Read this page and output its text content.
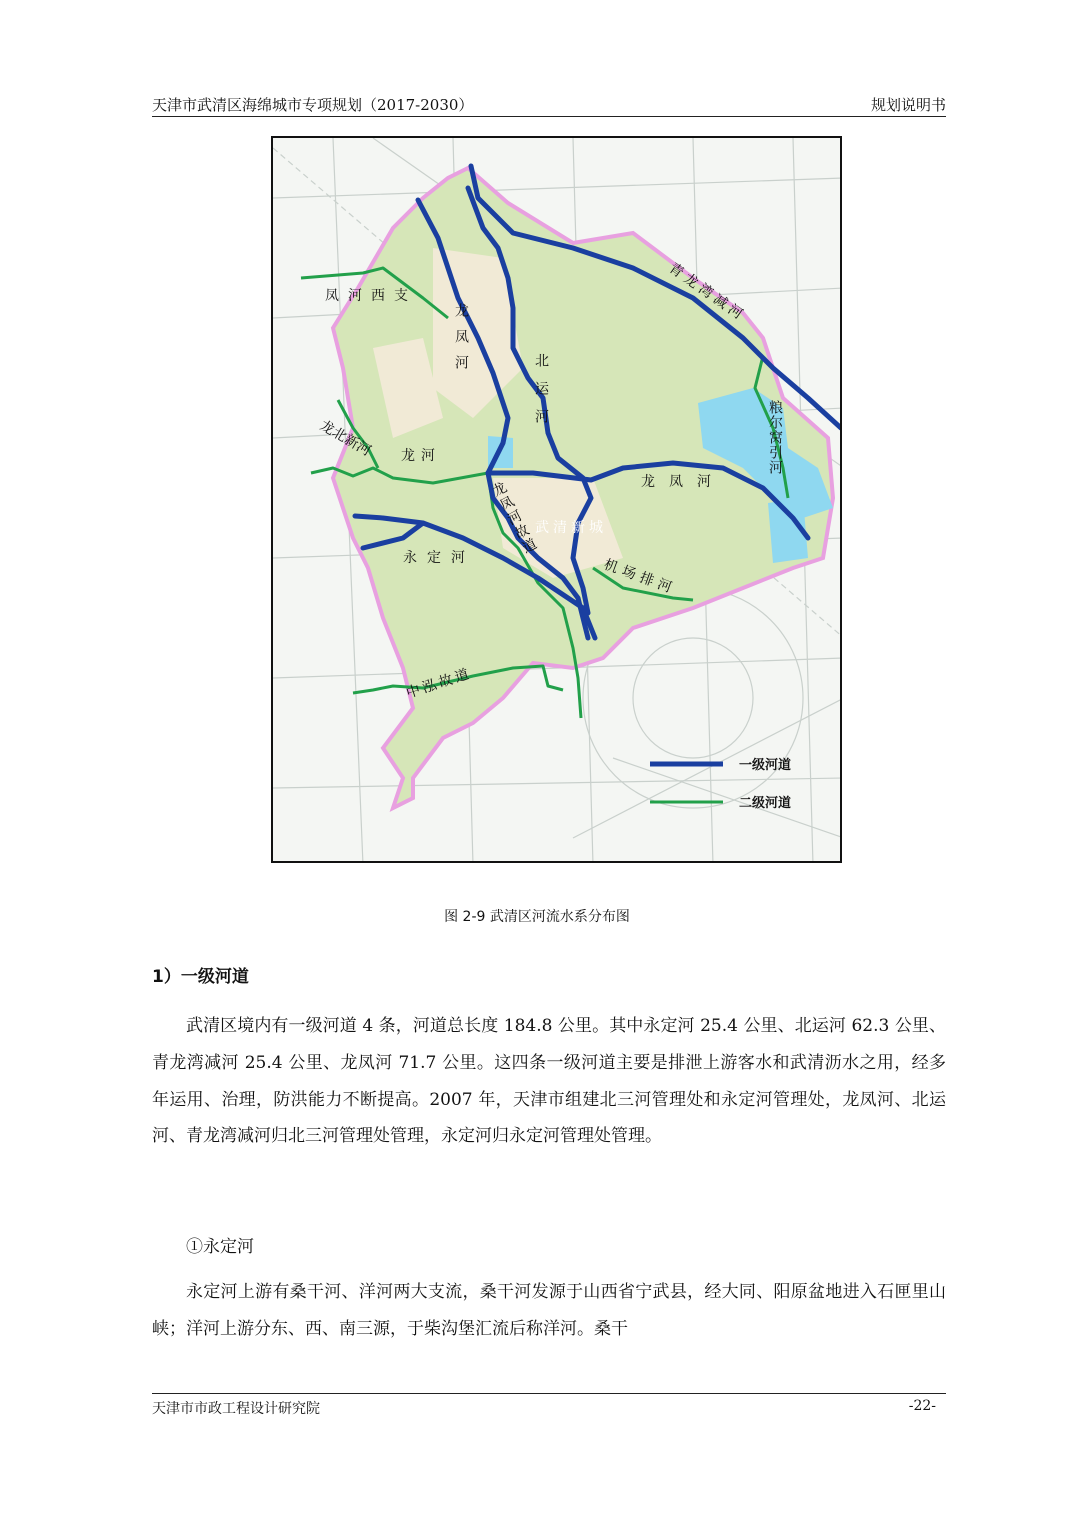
天津市武清区海绵城市专项规划（2017-2030）	规划说明书
凤河西支
龙凤河
北运河
青龙湾减河
粮尔窝引河
龙北新河 龙河
龙凤河
龙凤河故道
武清新城
永定河	机场排河
中泓故道
一级河道
二级河道
图 2-9 武清区河流水系分布图
1）一级河道

武清区境内有一级河道 4 条，河道总长度 184.8 公里。其中永定河 25.4 公里、北运河 62.3 公里、青龙湾减河 25.4 公里、龙凤河 71.7 公里。这四条一级河道主要是排泄上游客水和武清沥水之用，经多年运用、治理，防洪能力不断提高。2007 年，天津市组建北三河管理处和永定河管理处，龙凤河、北运河、青龙湾减河归北三河管理处管理，永定河归永定河管理处管理。

①永定河

永定河上游有桑干河、洋河两大支流，桑干河发源于山西省宁武县，经大同、阳原盆地进入石匣里山峡；洋河上游分东、西、南三源，于柴沟堡汇流后称洋河。桑干

天津市市政工程设计研究院	-22-
